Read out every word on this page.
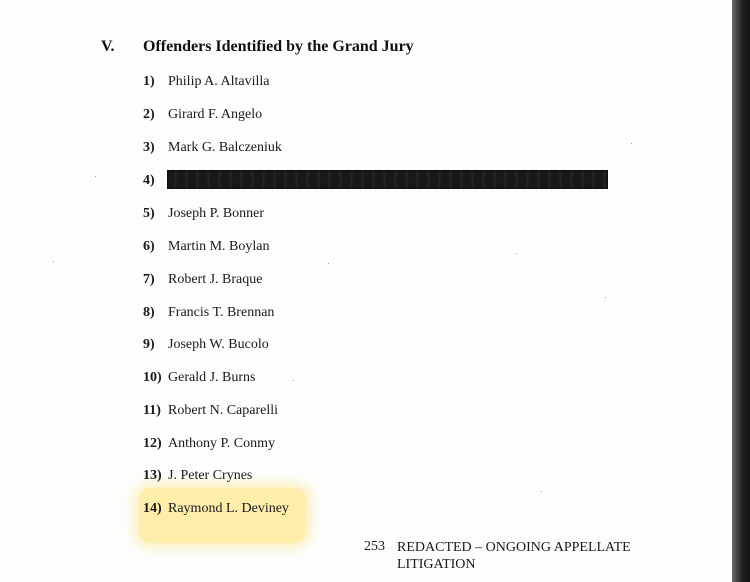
V. Offenders Identified by the Grand Jury
1) Philip A. Altavilla
2) Girard F. Angelo
3) Mark G. Balczeniuk
4)
5) Joseph P. Bonner
6) Martin M. Boylan
7) Robert J. Braque
8) Francis T. Brennan
9) Joseph W. Bucolo
10) Gerald J. Burns
11) Robert N. Caparelli
12) Anthony P. Conmy
13) J. Peter Crynes
14) Raymond L. Deviney
253 REDACTED – ONGOING APPELLATE LITIGATION
